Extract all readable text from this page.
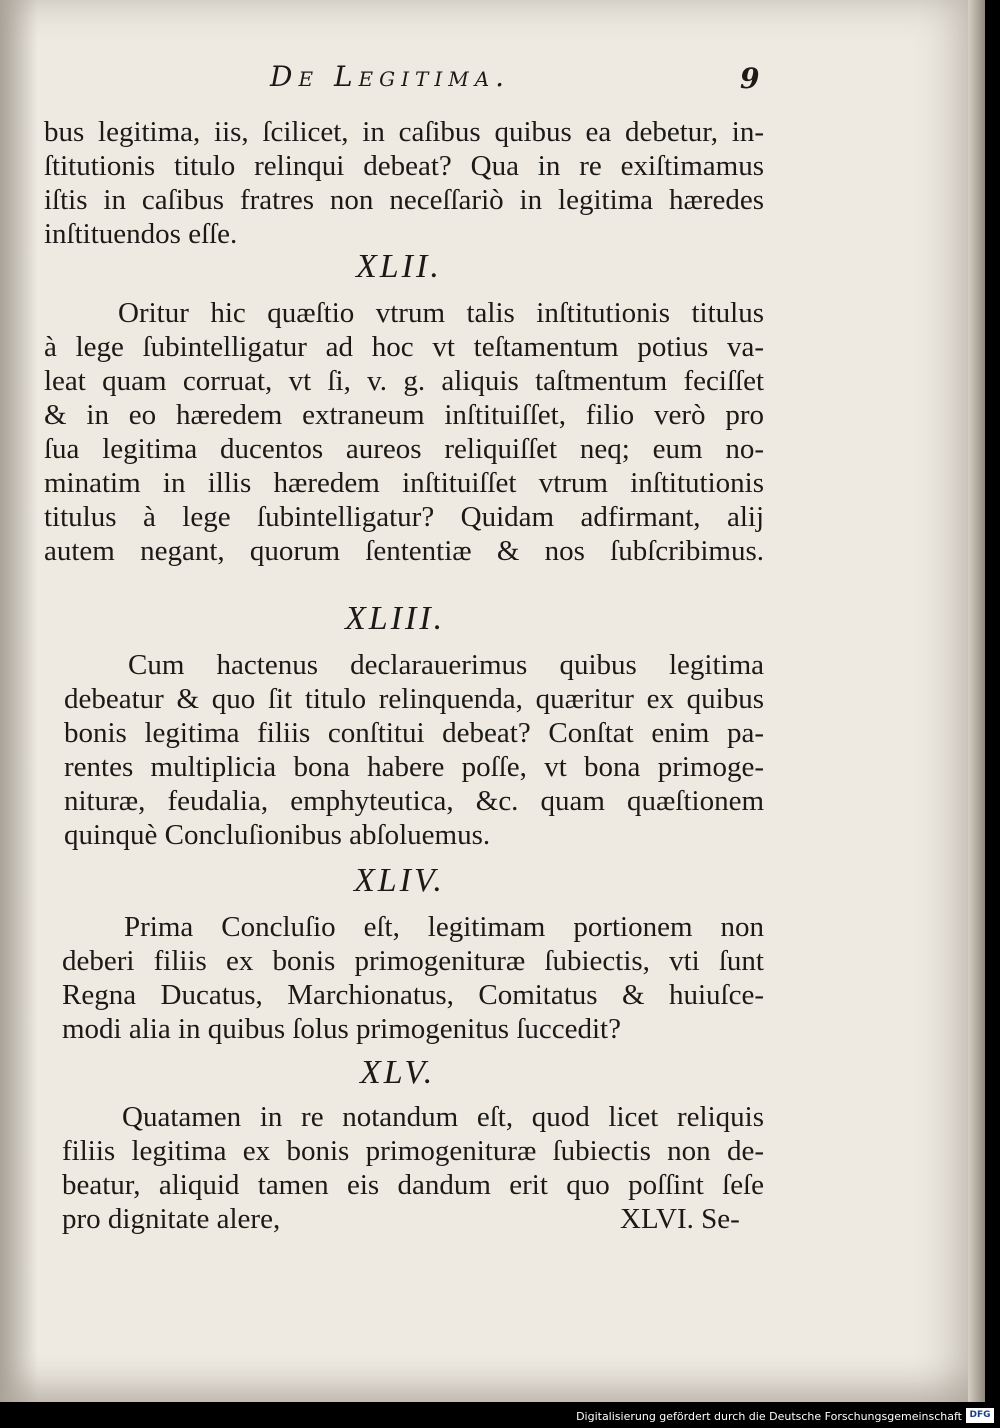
De Legitima.	9
bus legitima, iis, ſcilicet, in caſibus quibus ea debetur, in-
ſtitutionis titulo relinqui debeat? Qua in re exiſtimamus
iſtis in caſibus fratres non neceſſariò in legitima hæredes
inſtituendos eſſe.
XLII.
Oritur hic quæſtio vtrum talis inſtitutionis titulus
à lege ſubintelligatur ad hoc vt teſtamentum potius va-
leat quam corruat, vt ſi, v. g. aliquis taſtmentum feciſſet
& in eo hæredem extraneum inſtituiſſet, filio verò pro
ſua legitima ducentos aureos reliquiſſet neq; eum no-
minatim in illis hæredem inſtituiſſet vtrum inſtitutionis
titulus à lege ſubintelligatur? Quidam adfirmant, alij
autem negant, quorum ſententiæ & nos ſubſcribimus.
XLIII.
Cum hactenus declarauerimus quibus legitima
debeatur & quo ſit titulo relinquenda, quæritur ex quibus
bonis legitima filiis conſtitui debeat? Conſtat enim pa-
rentes multiplicia bona habere poſſe, vt bona primoge-
nituræ, feudalia, emphyteutica, &c. quam quæſtionem
quinquè Concluſionibus abſoluemus.
XLIV.
Prima Concluſio eſt, legitimam portionem non
deberi filiis ex bonis primogenituræ ſubiectis, vti ſunt
Regna Ducatus, Marchionatus, Comitatus & huiuſce-
modi alia in quibus ſolus primogenitus ſuccedit?
XLV.
Quatamen in re notandum eſt, quod licet reliquis
filiis legitima ex bonis primogenituræ ſubiectis non de-
beatur, aliquid tamen eis dandum erit quo poſſint ſeſe
pro dignitate alere,	XLVI. Se-
Digitalisierung gefördert durch die Deutsche Forschungsgemeinschaft DFG
